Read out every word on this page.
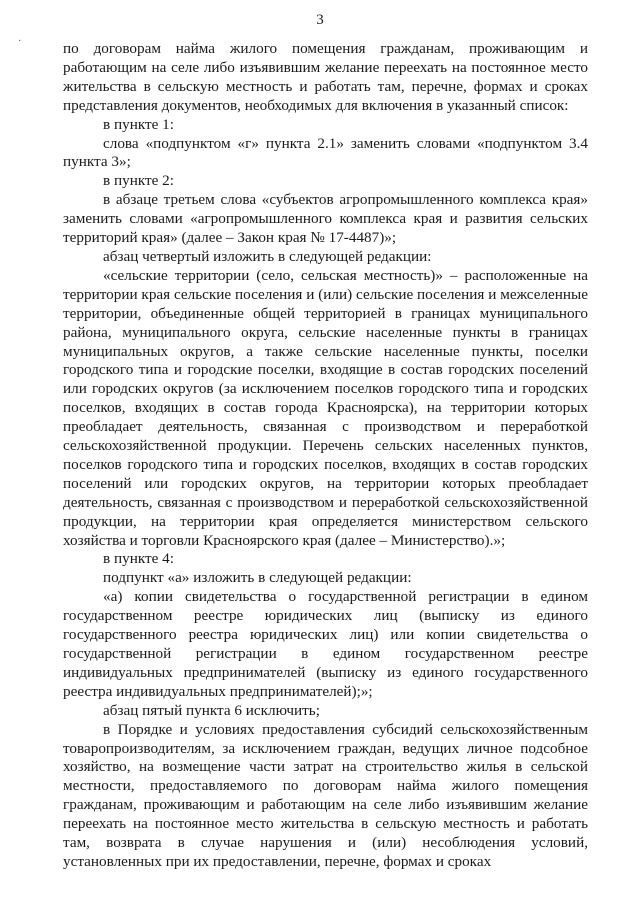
3
·	по договорам найма жилого помещения гражданам, проживающим и работающим на селе либо изъявившим желание переехать на постоянное место жительства в сельскую местность и работать там, перечне, формах и сроках представления документов, необходимых для включения в указанный список:

в пункте 1:

слова «подпунктом «г» пункта 2.1» заменить словами «подпунктом 3.4 пункта 3»;

в пункте 2:

в абзаце третьем слова «субъектов агропромышленного комплекса края» заменить словами «агропромышленного комплекса края и развития сельских территорий края» (далее – Закон края № 17-4487)»;

абзац четвертый изложить в следующей редакции:

«сельские территории (село, сельская местность)» – расположенные на территории края сельские поселения и (или) сельские поселения и межселенные территории, объединенные общей территорией в границах муниципального района, муниципального округа, сельские населенные пункты в границах муниципальных округов, а также сельские населенные пункты, поселки городского типа и городские поселки, входящие в состав городских поселений или городских округов (за исключением поселков городского типа и городских поселков, входящих в состав города Красноярска), на территории которых преобладает деятельность, связанная с производством и переработкой сельскохозяйственной продукции. Перечень сельских населенных пунктов, поселков городского типа и городских поселков, входящих в состав городских поселений или городских округов, на территории которых преобладает деятельность, связанная с производством и переработкой сельскохозяйственной продукции, на территории края определяется министерством сельского хозяйства и торговли Красноярского края (далее – Министерство).»;

в пункте 4:

подпункт «а» изложить в следующей редакции:

«а) копии свидетельства о государственной регистрации в едином государственном реестре юридических лиц (выписку из единого государственного реестра юридических лиц) или копии свидетельства о государственной регистрации в едином государственном реестре индивидуальных предпринимателей (выписку из единого государственного реестра индивидуальных предпринимателей);»;

абзац пятый пункта 6 исключить;

в Порядке и условиях предоставления субсидий сельскохозяйственным товаропроизводителям, за исключением граждан, ведущих личное подсобное хозяйство, на возмещение части затрат на строительство жилья в сельской местности, предоставляемого по договорам найма жилого помещения гражданам, проживающим и работающим на селе либо изъявившим желание переехать на постоянное место жительства в сельскую местность и работать там, возврата в случае нарушения и (или) несоблюдения условий, установленных при их предоставлении, перечне, формах и сроках
